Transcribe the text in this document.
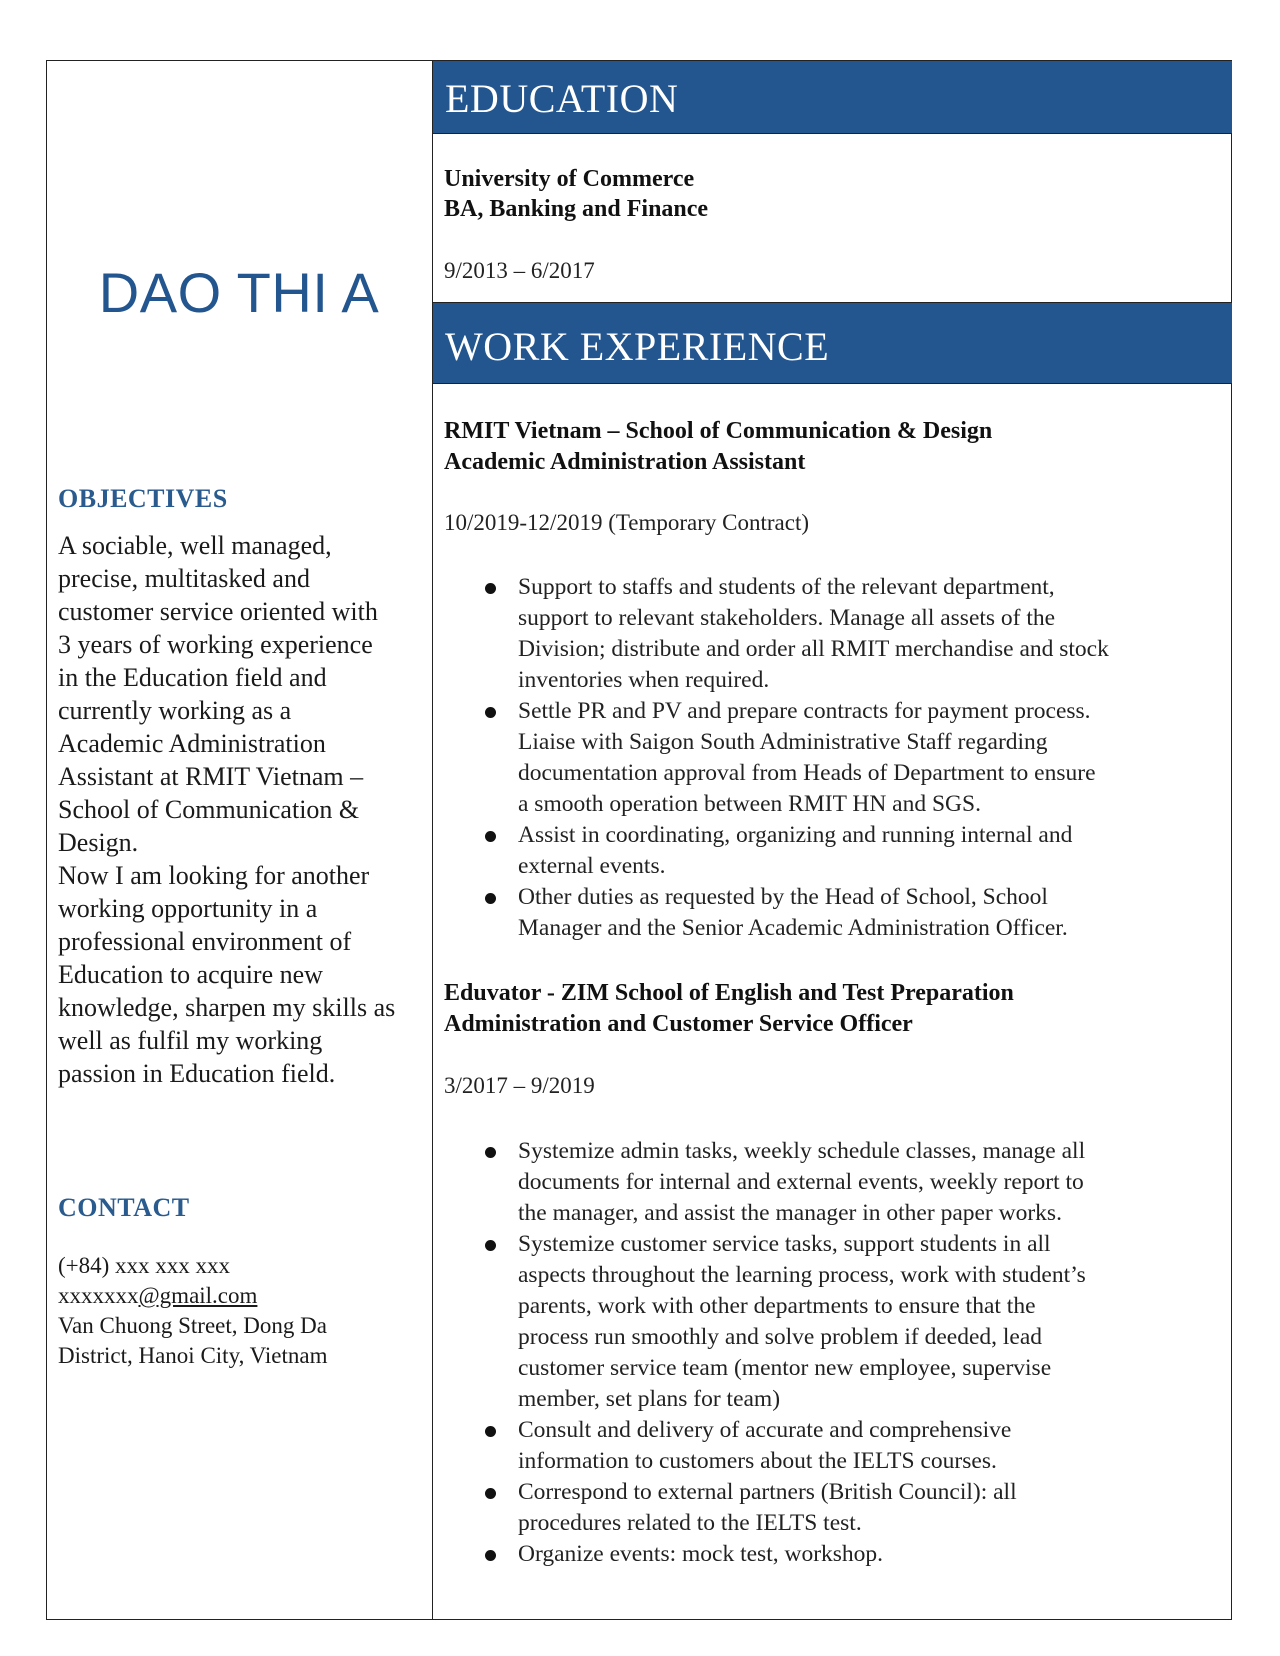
DAO THI A
OBJECTIVES

A sociable, well managed,

precise, multitasked and

customer service oriented with

3 years of working experience

in the Education field and

currently working as a

Academic Administration

Assistant at RMIT Vietnam –

School of Communication &

Design.

Now I am looking for another

working opportunity in a

professional environment of

Education to acquire new

knowledge, sharpen my skills as

well as fulfil my working

passion in Education field.

CONTACT
(+84) xxx xxx xxx
xxxxxxx@gmail.com
Van Chuong Street, Dong Da
District, Hanoi City, Vietnam
EDUCATION
University of Commerce
BA, Banking and Finance
9/2013 – 6/2017
WORK EXPERIENCE
RMIT Vietnam – School of Communication & Design
Academic Administration Assistant
10/2019-12/2019 (Temporary Contract)
Support to staffs and students of the relevant department,
support to relevant stakeholders. Manage all assets of the
Division; distribute and order all RMIT merchandise and stock
inventories when required.
Settle PR and PV and prepare contracts for payment process.
Liaise with Saigon South Administrative Staff regarding
documentation approval from Heads of Department to ensure
a smooth operation between RMIT HN and SGS.
Assist in coordinating, organizing and running internal and
external events.
Other duties as requested by the Head of School, School
Manager and the Senior Academic Administration Officer.
Eduvator - ZIM School of English and Test Preparation
Administration and Customer Service Officer
3/2017 – 9/2019
Systemize admin tasks, weekly schedule classes, manage all
documents for internal and external events, weekly report to
the manager, and assist the manager in other paper works.
Systemize customer service tasks, support students in all
aspects throughout the learning process, work with student’s
parents, work with other departments to ensure that the
process run smoothly and solve problem if deeded, lead
customer service team (mentor new employee, supervise
member, set plans for team)
Consult and delivery of accurate and comprehensive
information to customers about the IELTS courses.
Correspond to external partners (British Council): all
procedures related to the IELTS test.
Organize events: mock test, workshop.
